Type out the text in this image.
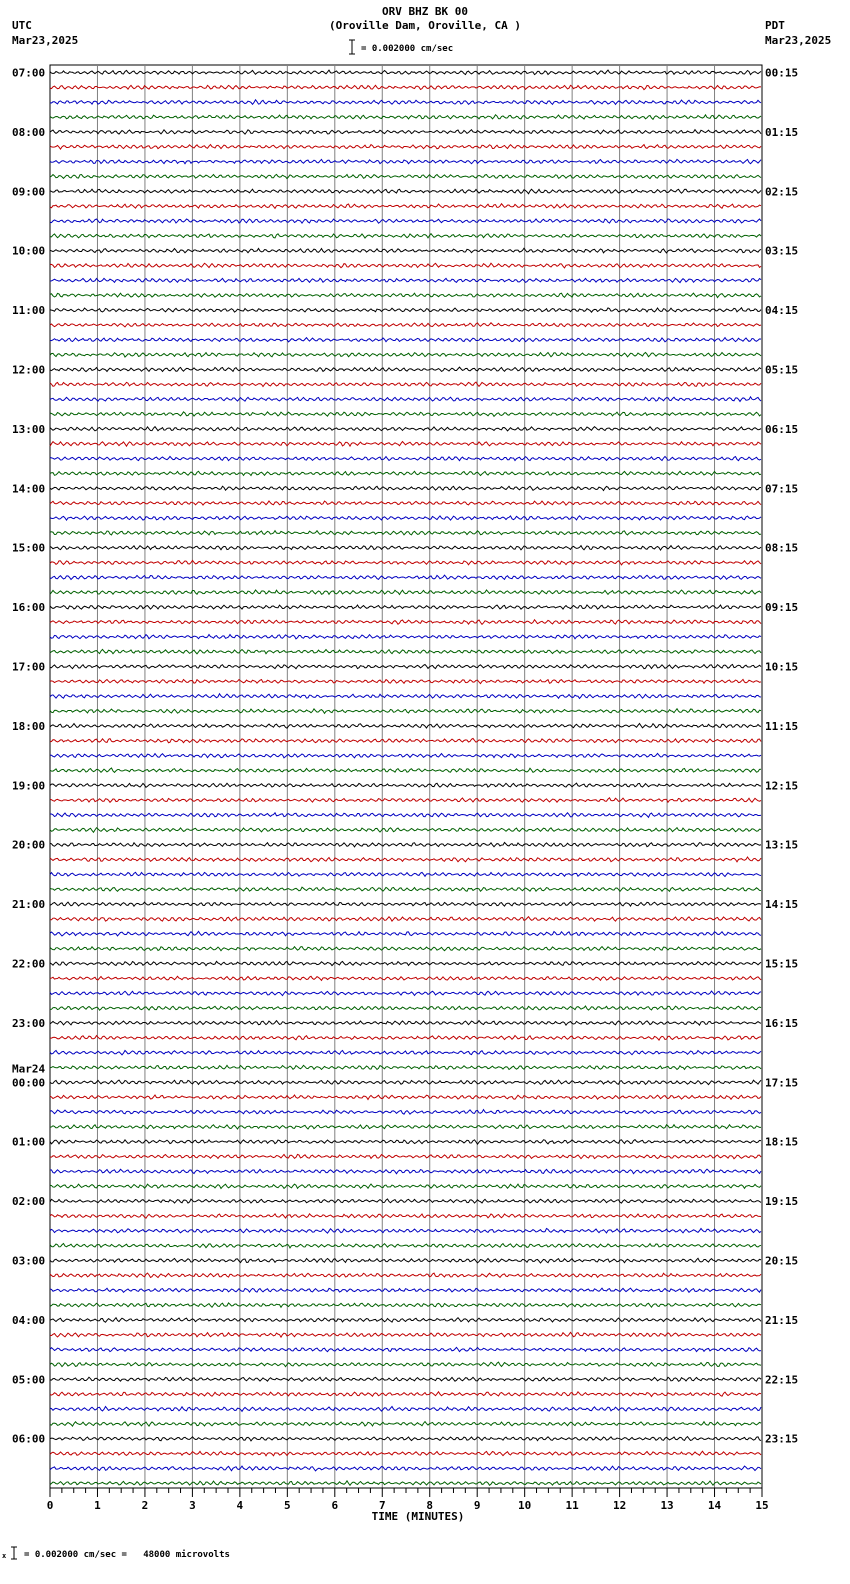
ORV BHZ BK 00
(Oroville Dam, Oroville, CA )
UTC
Mar23,2025
PDT
Mar23,2025
= 0.002000 cm/sec
= 0.002000 cm/sec =   48000 microvolts
x
07:00
08:00
09:00
10:00
11:00
12:00
13:00
14:00
15:00
16:00
17:00
18:00
19:00
20:00
21:00
22:00
23:00
00:00
Mar24
01:00
02:00
03:00
04:00
05:00
06:00
00:15
01:15
02:15
03:15
04:15
05:15
06:15
07:15
08:15
09:15
10:15
11:15
12:15
13:15
14:15
15:15
16:15
17:15
18:15
19:15
20:15
21:15
22:15
23:15
0	1	2	3	4	5	6	7	8	9	10	11	12	13	14	15
TIME (MINUTES)
